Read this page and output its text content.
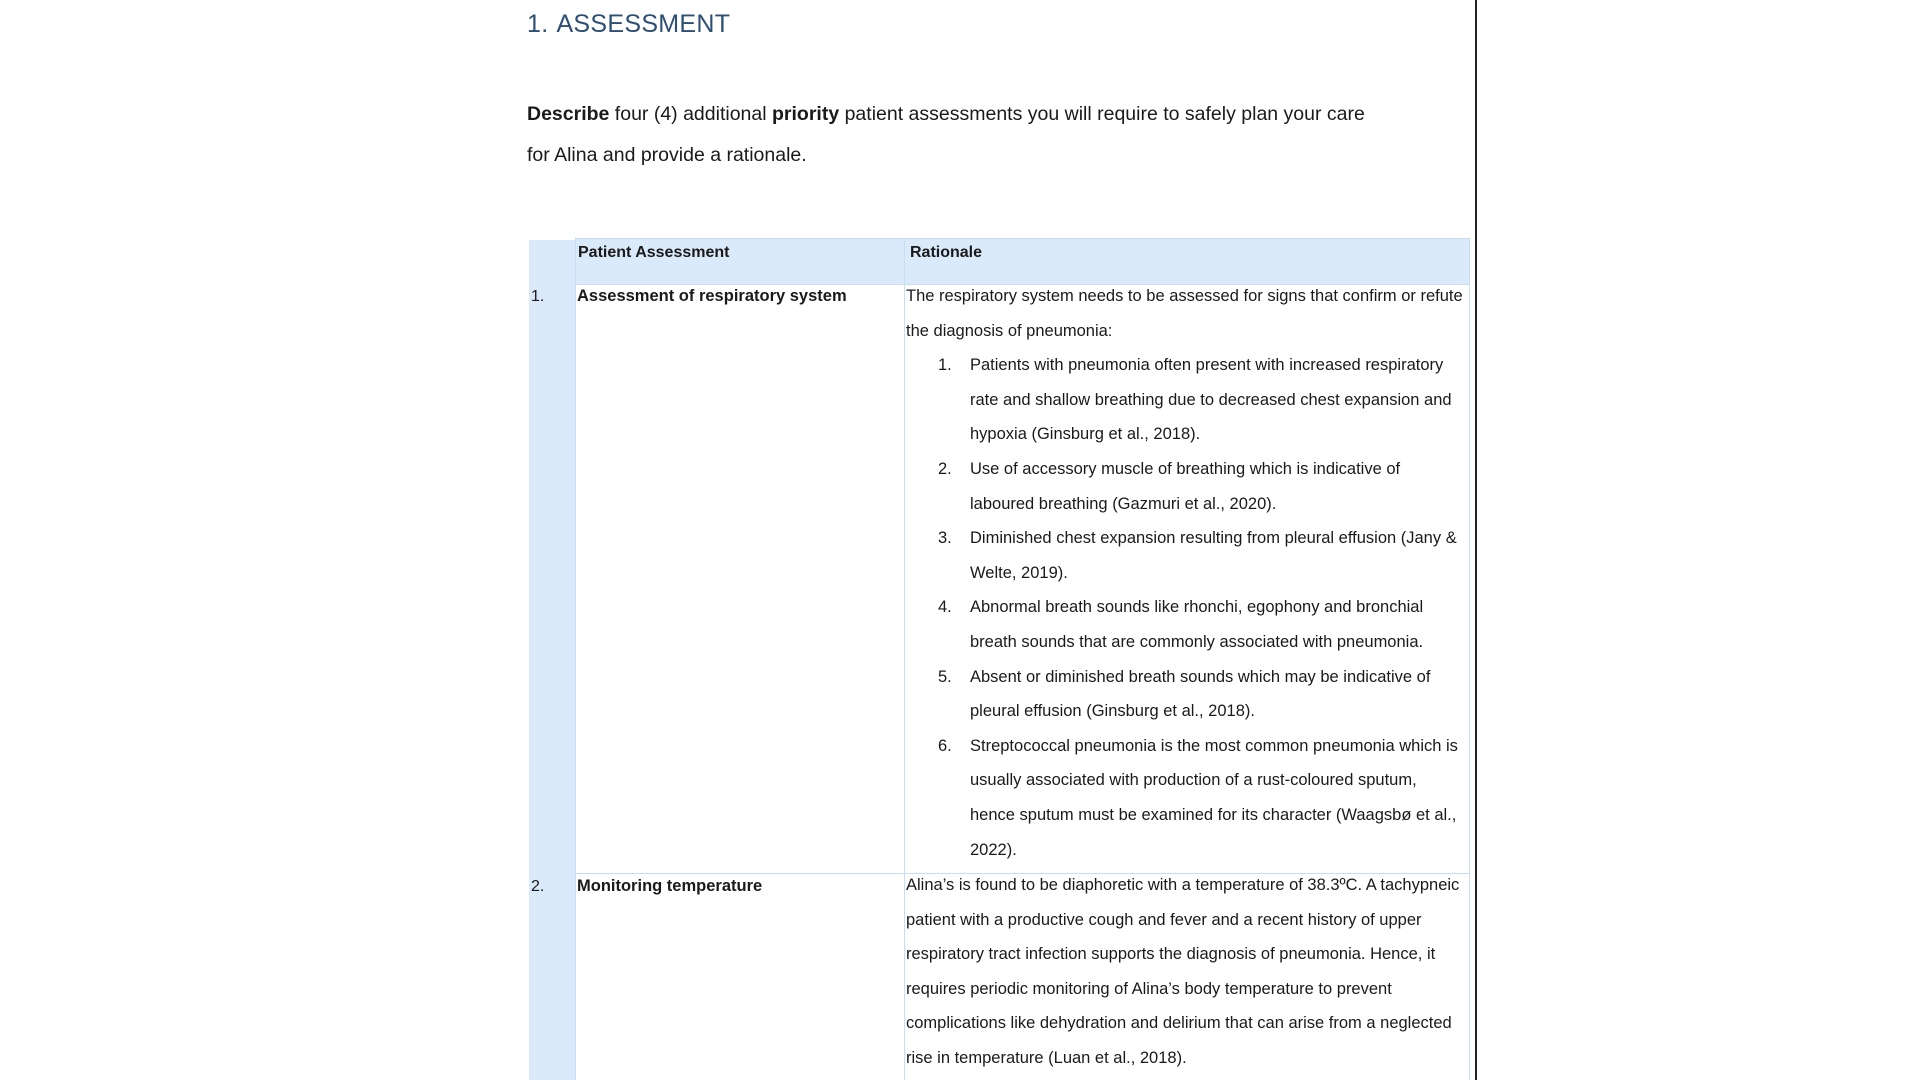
1. ASSESSMENT
Describe four (4) additional priority patient assessments you will require to safely plan your care
for Alina and provide a rationale.
Patient Assessment	Rationale
1. Assessment of respiratory system	The respiratory system needs to be assessed for signs that confirm or refute the diagnosis of pneumonia:

1. Patients with pneumonia often present with increased respiratory rate and shallow breathing due to decreased chest expansion and hypoxia (Ginsburg et al., 2018).
2. Use of accessory muscle of breathing which is indicative of laboured breathing (Gazmuri et al., 2020).
3. Diminished chest expansion resulting from pleural effusion (Jany & Welte, 2019).
4. Abnormal breath sounds like rhonchi, egophony and bronchial breath sounds that are commonly associated with pneumonia.
5. Absent or diminished breath sounds which may be indicative of pleural effusion (Ginsburg et al., 2018).
6. Streptococcal pneumonia is the most common pneumonia which is usually associated with production of a rust-coloured sputum, hence sputum must be examined for its character (Waagsbø et al., 2022).
2. Monitoring temperature	Alina’s is found to be diaphoretic with a temperature of 38.3ºC. A tachypneic patient with a productive cough and fever and a recent history of upper respiratory tract infection supports the diagnosis of pneumonia. Hence, it requires periodic monitoring of Alina’s body temperature to prevent complications like dehydration and delirium that can arise from a neglected rise in temperature (Luan et al., 2018).
